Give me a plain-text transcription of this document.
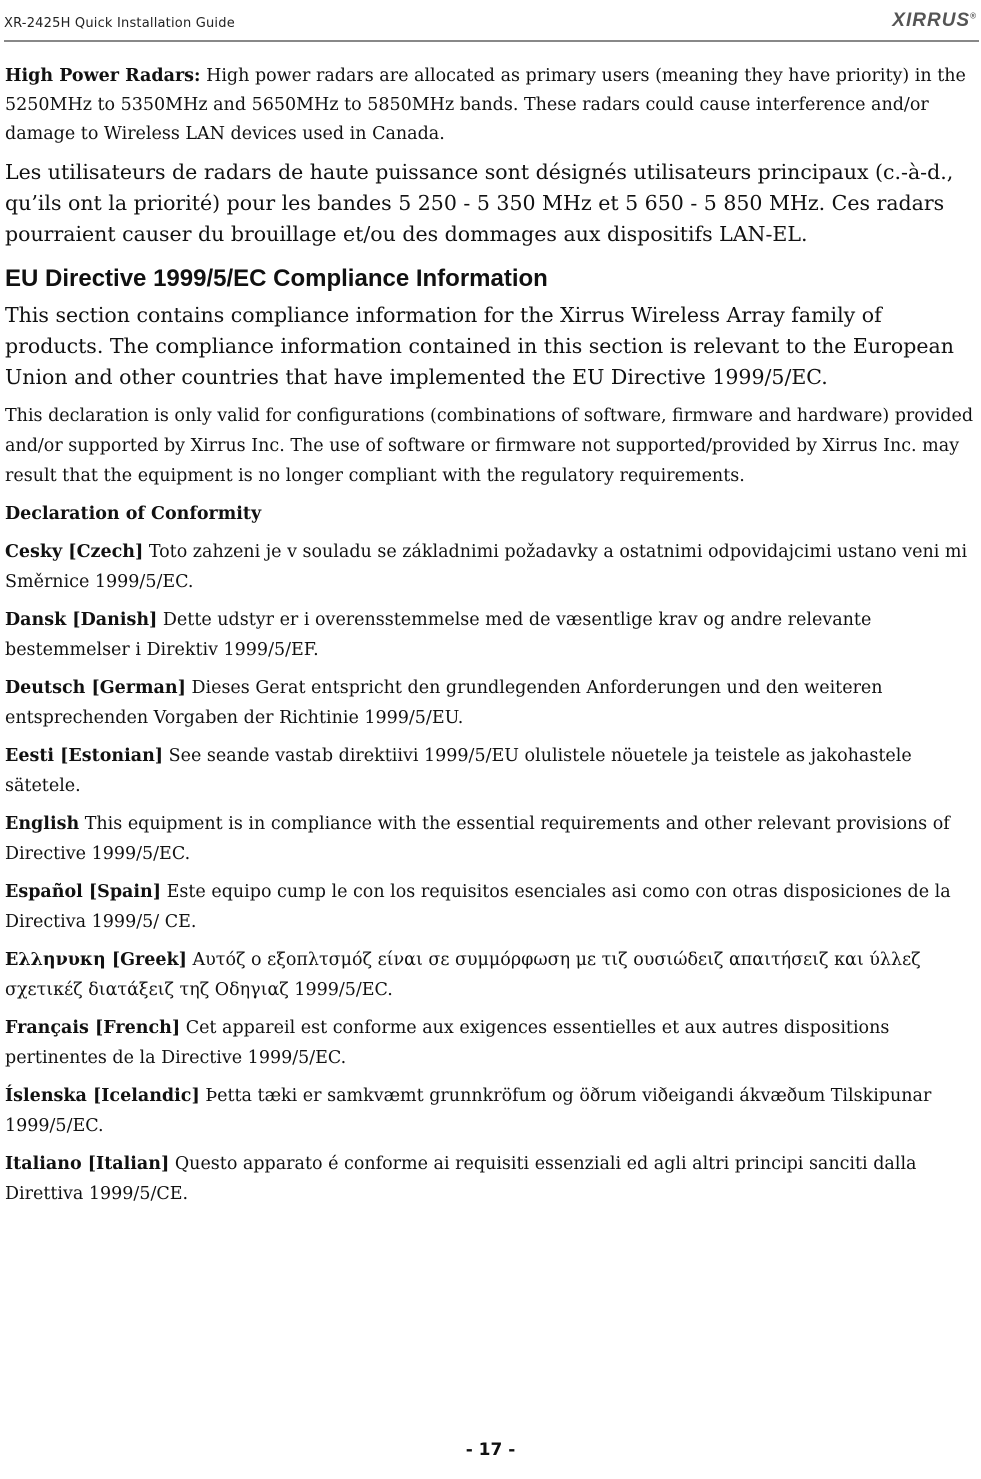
XR-2425H Quick Installation Guide	XIRRUS®

High Power Radars: High power radars are allocated as primary users (meaning they have priority) in the 5250MHz to 5350MHz and 5650MHz to 5850MHz bands. These radars could cause interference and/or damage to Wireless LAN devices used in Canada.

Les utilisateurs de radars de haute puissance sont désignés utilisateurs principaux (c.-à-d., qu’ils ont la priorité) pour les bandes 5 250 - 5 350 MHz et 5 650 - 5 850 MHz. Ces radars pourraient causer du brouillage et/ou des dommages aux dispositifs LAN-EL.

EU Directive 1999/5/EC Compliance Information

This section contains compliance information for the Xirrus Wireless Array family of products. The compliance information contained in this section is relevant to the European Union and other countries that have implemented the EU Directive 1999/5/EC.

This declaration is only valid for configurations (combinations of software, firmware and hardware) provided and/or supported by Xirrus Inc. The use of software or firmware not supported/provided by Xirrus Inc. may result that the equipment is no longer compliant with the regulatory requirements.

Declaration of Conformity

Cesky [Czech] Toto zahzeni je v souladu se základnimi požadavky a ostatnimi odpovidajcimi ustano veni mi Směrnice 1999/5/EC.

Dansk [Danish] Dette udstyr er i overensstemmelse med de væsentlige krav og andre relevante bestemmelser i Direktiv 1999/5/EF.

Deutsch [German] Dieses Gerat entspricht den grundlegenden Anforderungen und den weiteren entsprechenden Vorgaben der Richtinie 1999/5/EU.

Eesti [Estonian] See seande vastab direktiivi 1999/5/EU olulistele nöuetele ja teistele as jakohastele sätetele.

English This equipment is in compliance with the essential requirements and other relevant provisions of Directive 1999/5/EC.

Español [Spain] Este equipo cump le con los requisitos esenciales asi como con otras disposiciones de la Directiva 1999/5/ CE.

Ελληνυκη [Greek] Αυτόζ ο εξοπλτσμόζ είναι σε συμμόρφωση με τιζ ουσιώδειζ απαιτήσειζ και ύλλεζ σχετικέζ διατάξειζ τηζ Οδηγιαζ 1999/5/EC.

Français [French] Cet appareil est conforme aux exigences essentielles et aux autres dispositions pertinentes de la Directive 1999/5/EC.

Íslenska [Icelandic] Þetta tæki er samkvæmt grunnkröfum og öðrum viðeigandi ákvæðum Tilskipunar 1999/5/EC.

Italiano [Italian] Questo apparato é conforme ai requisiti essenziali ed agli altri principi sanciti dalla Direttiva 1999/5/CE.

- 17 -
